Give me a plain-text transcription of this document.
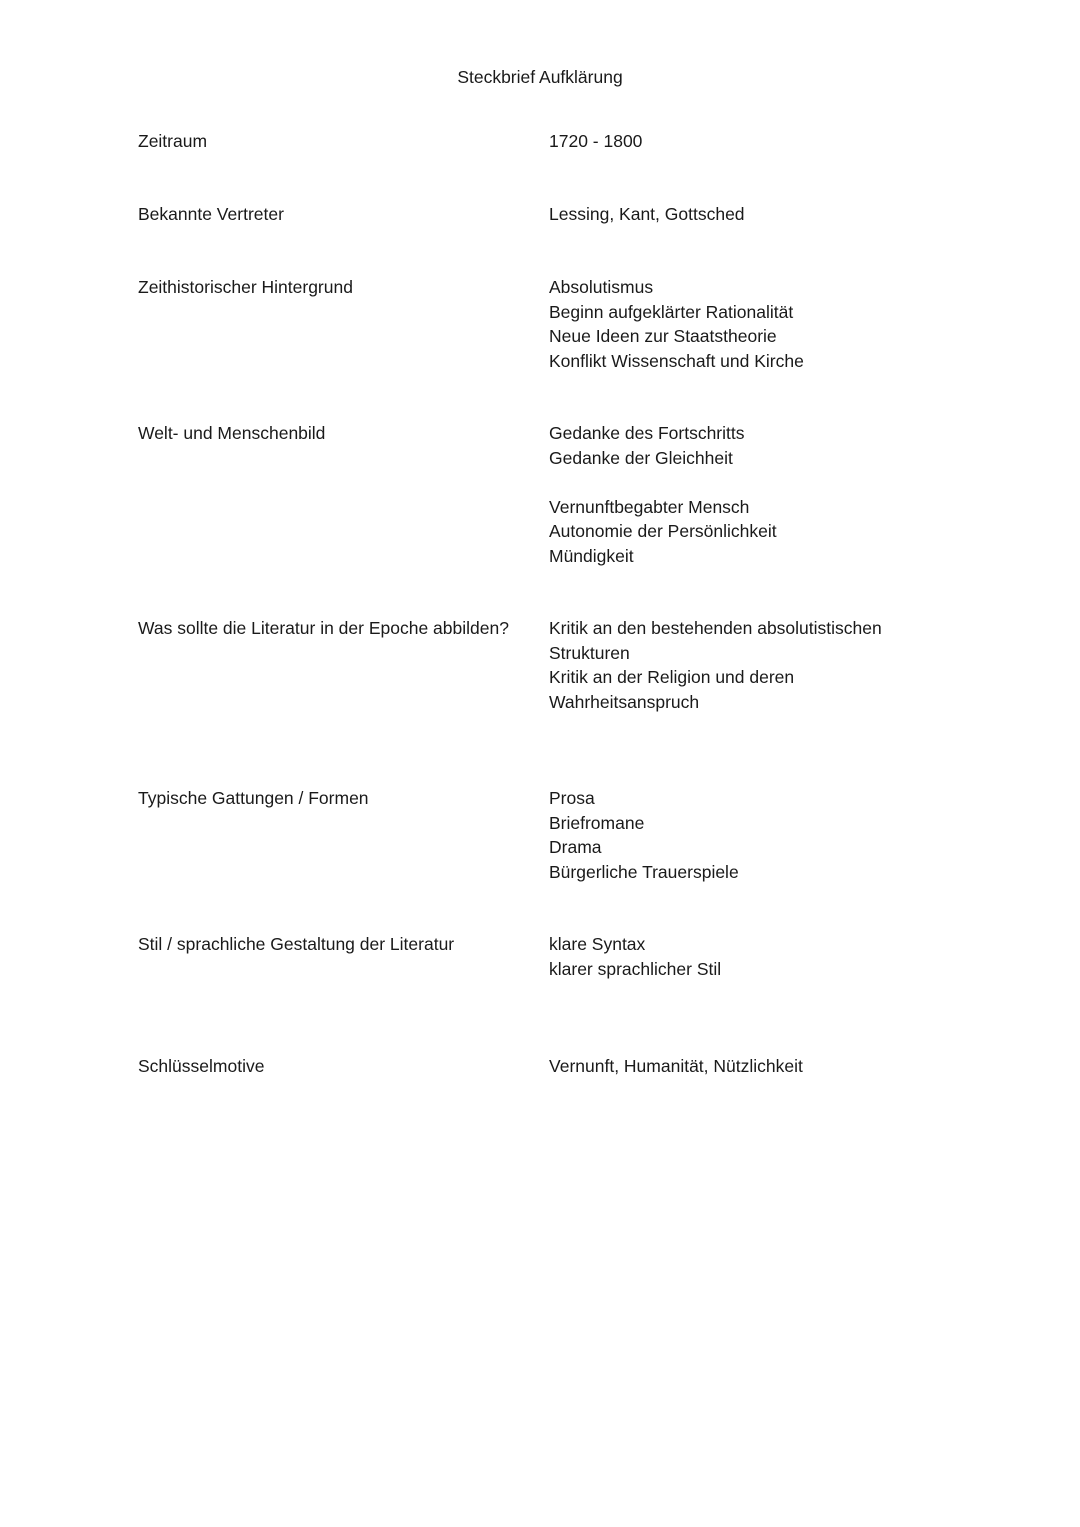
Steckbrief Aufklärung
Zeitraum	1720 - 1800
Bekannte Vertreter	Lessing, Kant, Gottsched
Zeithistorischer Hintergrund	Absolutismus
Beginn aufgeklärter Rationalität
Neue Ideen zur Staatstheorie
Konflikt Wissenschaft und Kirche
Welt- und Menschenbild	Gedanke des Fortschritts
Gedanke der Gleichheit
Vernunftbegabter Mensch
Autonomie der Persönlichkeit
Mündigkeit
Was sollte die Literatur in der Epoche abbilden?	Kritik an den bestehenden absolutistischen
Strukturen
Kritik an der Religion und deren
Wahrheitsanspruch
Typische Gattungen / Formen	Prosa
Briefromane
Drama
Bürgerliche Trauerspiele
Stil / sprachliche Gestaltung der Literatur	klare Syntax
klarer sprachlicher Stil
Schlüsselmotive	Vernunft, Humanität, Nützlichkeit
